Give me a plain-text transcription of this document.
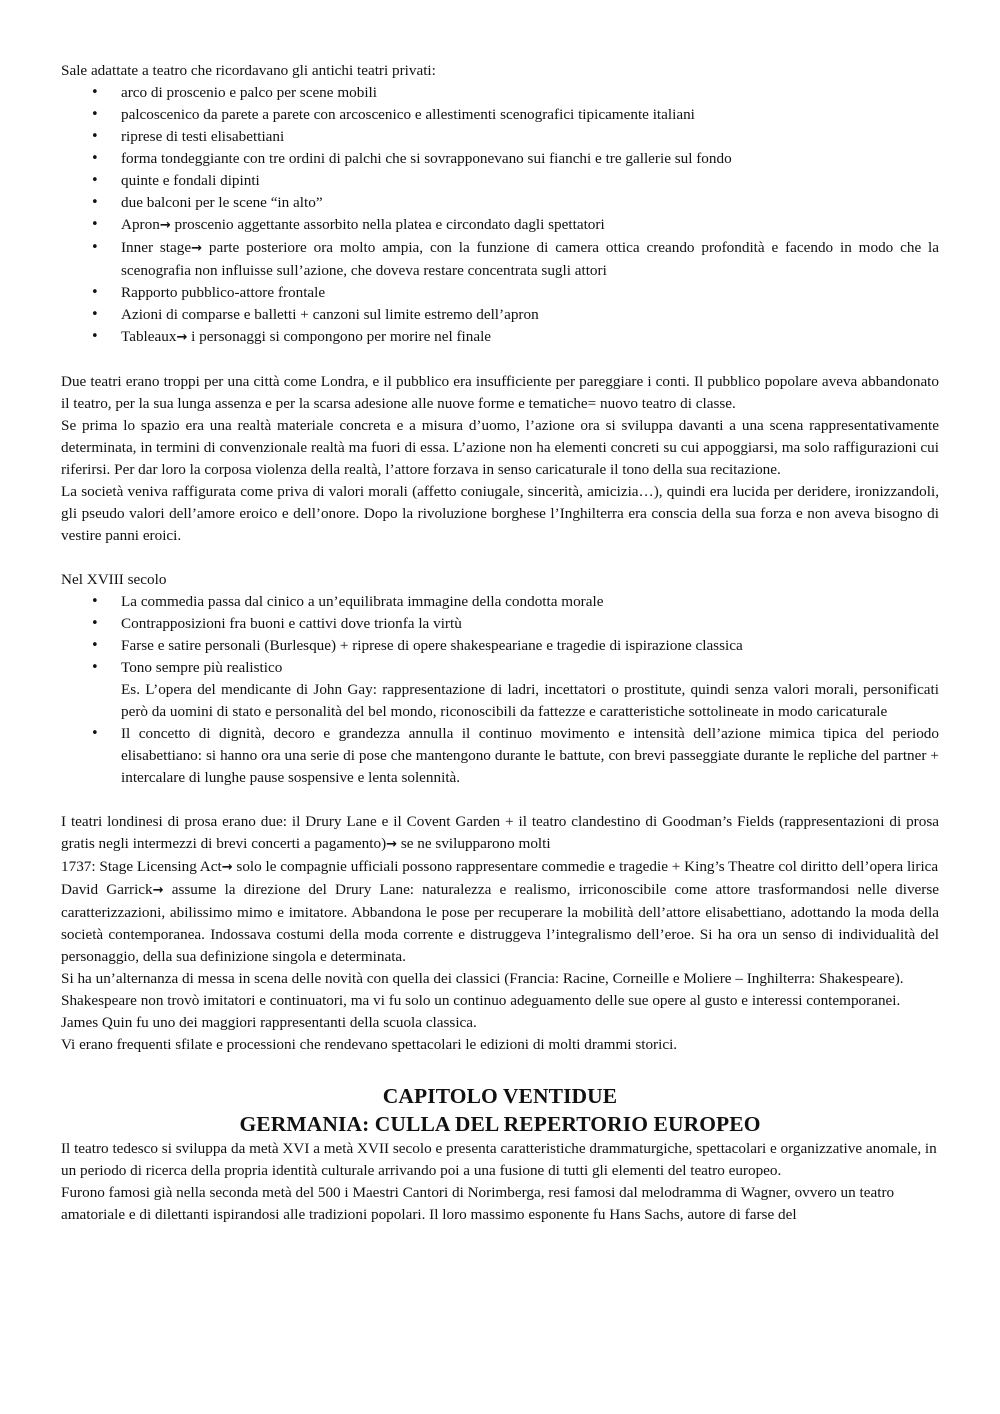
Sale adattate a teatro che ricordavano gli antichi teatri privati:

• arco di proscenio e palco per scene mobili
• palcoscenico da parete a parete con arcoscenico e allestimenti scenografici tipicamente italiani
• riprese di testi elisabettiani
• forma tondeggiante con tre ordini di palchi che si sovrapponevano sui fianchi e tre gallerie sul fondo
• quinte e fondali dipinti
• due balconi per le scene “in alto”
• Apron→ proscenio aggettante assorbito nella platea e circondato dagli spettatori
• Inner stage→ parte posteriore ora molto ampia, con la funzione di camera ottica creando profondità e facendo in modo che la scenografia non influisse sull’azione, che doveva restare concentrata sugli attori
• Rapporto pubblico-attore frontale
• Azioni di comparse e balletti + canzoni sul limite estremo dell’apron
• Tableaux→ i personaggi si compongono per morire nel finale

Due teatri erano troppi per una città come Londra, e il pubblico era insufficiente per pareggiare i conti. Il pubblico popolare aveva abbandonato il teatro, per la sua lunga assenza e per la scarsa adesione alle nuove forme e tematiche= nuovo teatro di classe.

Se prima lo spazio era una realtà materiale concreta e a misura d’uomo, l’azione ora si sviluppa davanti a una scena rappresentativamente determinata, in termini di convenzionale realtà ma fuori di essa. L’azione non ha elementi concreti su cui appoggiarsi, ma solo raffigurazioni cui riferirsi. Per dar loro la corposa violenza della realtà, l’attore forzava in senso caricaturale il tono della sua recitazione.

La società veniva raffigurata come priva di valori morali (affetto coniugale, sincerità, amicizia…), quindi era lucida per deridere, ironizzandoli, gli pseudo valori dell’amore eroico e dell’onore. Dopo la rivoluzione borghese l’Inghilterra era conscia della sua forza e non aveva bisogno di vestire panni eroici.

Nel XVIII secolo

• La commedia passa dal cinico a un’equilibrata immagine della condotta morale
• Contrapposizioni fra buoni e cattivi dove trionfa la virtù
• Farse e satire personali (Burlesque) + riprese di opere shakespeariane e tragedie di ispirazione classica
• Tono sempre più realistico
Es. L’opera del mendicante di John Gay: rappresentazione di ladri, incettatori o prostitute, quindi senza valori morali, personificati però da uomini di stato e personalità del bel mondo, riconoscibili da fattezze e caratteristiche sottolineate in modo caricaturale
• Il concetto di dignità, decoro e grandezza annulla il continuo movimento e intensità dell’azione mimica tipica del periodo elisabettiano: si hanno ora una serie di pose che mantengono durante le battute, con brevi passeggiate durante le repliche del partner + intercalare di lunghe pause sospensive e lenta solennità.

I teatri londinesi di prosa erano due: il Drury Lane e il Covent Garden + il teatro clandestino di Goodman’s Fields (rappresentazioni di prosa gratis negli intermezzi di brevi concerti a pagamento)→ se ne svilupparono molti

1737: Stage Licensing Act→ solo le compagnie ufficiali possono rappresentare commedie e tragedie + King’s Theatre col diritto dell’opera lirica

David Garrick→ assume la direzione del Drury Lane: naturalezza e realismo, irriconoscibile come attore trasformandosi nelle diverse caratterizzazioni, abilissimo mimo e imitatore. Abbandona le pose per recuperare la mobilità dell’attore elisabettiano, adottando la moda della società contemporanea. Indossava costumi della moda corrente e distruggeva l’integralismo dell’eroe. Si ha ora un senso di individualità del personaggio, della sua definizione singola e determinata.

Si ha un’alternanza di messa in scena delle novità con quella dei classici (Francia: Racine, Corneille e Moliere – Inghilterra: Shakespeare).

Shakespeare non trovò imitatori e continuatori, ma vi fu solo un continuo adeguamento delle sue opere al gusto e interessi contemporanei.

James Quin fu uno dei maggiori rappresentanti della scuola classica.

Vi erano frequenti sfilate e processioni che rendevano spettacolari le edizioni di molti drammi storici.

CAPITOLO VENTIDUE
GERMANIA: CULLA DEL REPERTORIO EUROPEO

Il teatro tedesco si sviluppa da metà XVI a metà XVII secolo e presenta caratteristiche drammaturgiche, spettacolari e organizzative anomale, in un periodo di ricerca della propria identità culturale arrivando poi a una fusione di tutti gli elementi del teatro europeo.

Furono famosi già nella seconda metà del 500 i Maestri Cantori di Norimberga, resi famosi dal melodramma di Wagner, ovvero un teatro amatoriale e di dilettanti ispirandosi alle tradizioni popolari. Il loro massimo esponente fu Hans Sachs, autore di farse del
